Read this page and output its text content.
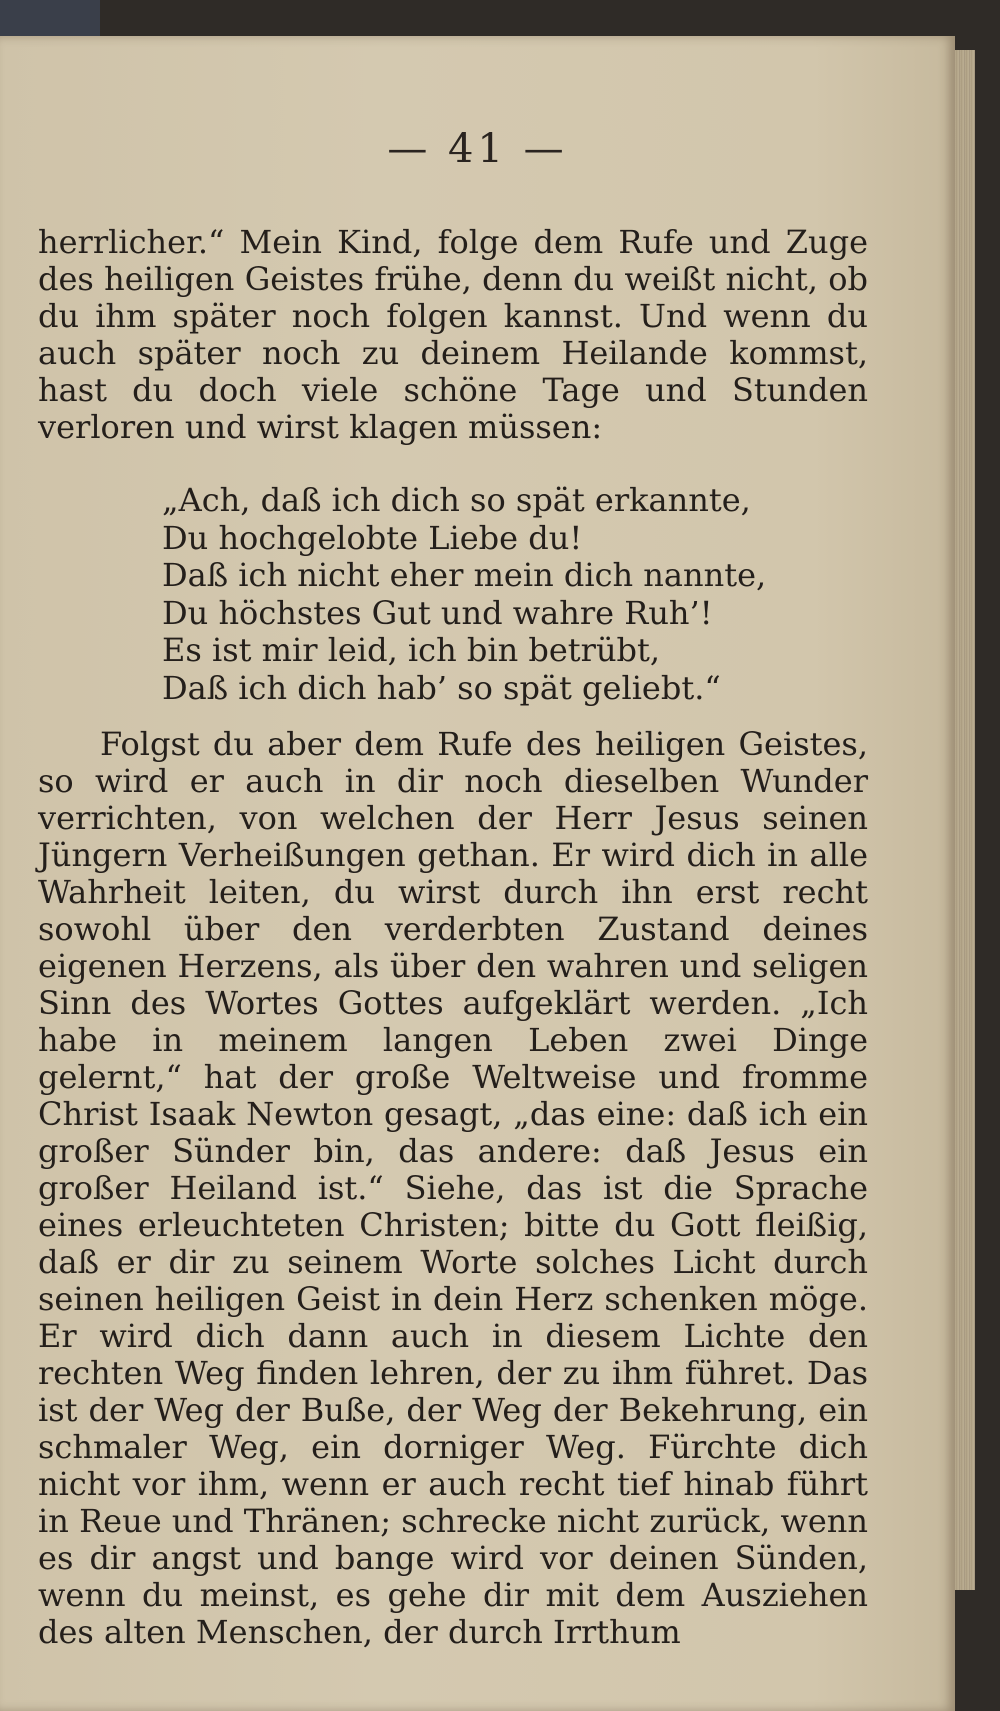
— 41 —
herrlicher.“ Mein Kind, folge dem Rufe und Zuge des heiligen Geistes frühe, denn du weißt nicht, ob du ihm später noch folgen kannst. Und wenn du auch später noch zu deinem Heilande kommst, hast du doch viele schöne Tage und Stunden verloren und wirst klagen müssen:
„Ach, daß ich dich so spät erkannte,
Du hochgelobte Liebe du!
Daß ich nicht eher mein dich nannte,
Du höchstes Gut und wahre Ruh’!
Es ist mir leid, ich bin betrübt,
Daß ich dich hab’ so spät geliebt.“
Folgst du aber dem Rufe des heiligen Geistes, so wird er auch in dir noch dieselben Wunder verrichten, von welchen der Herr Jesus seinen Jüngern Verheißungen gethan. Er wird dich in alle Wahrheit leiten, du wirst durch ihn erst recht sowohl über den verderbten Zustand deines eigenen Herzens, als über den wahren und seligen Sinn des Wortes Gottes aufgeklärt werden. „Ich habe in meinem langen Leben zwei Dinge gelernt,“ hat der große Weltweise und fromme Christ Isaak Newton gesagt, „das eine: daß ich ein großer Sünder bin, das andere: daß Jesus ein großer Heiland ist.“ Siehe, das ist die Sprache eines erleuchteten Christen; bitte du Gott fleißig, daß er dir zu seinem Worte solches Licht durch seinen heiligen Geist in dein Herz schenken möge. Er wird dich dann auch in diesem Lichte den rechten Weg finden lehren, der zu ihm führet. Das ist der Weg der Buße, der Weg der Bekehrung, ein schmaler Weg, ein dorniger Weg. Fürchte dich nicht vor ihm, wenn er auch recht tief hinab führt in Reue und Thränen; schrecke nicht zurück, wenn es dir angst und bange wird vor deinen Sünden, wenn du meinst, es gehe dir mit dem Ausziehen des alten Menschen, der durch Irrthum
